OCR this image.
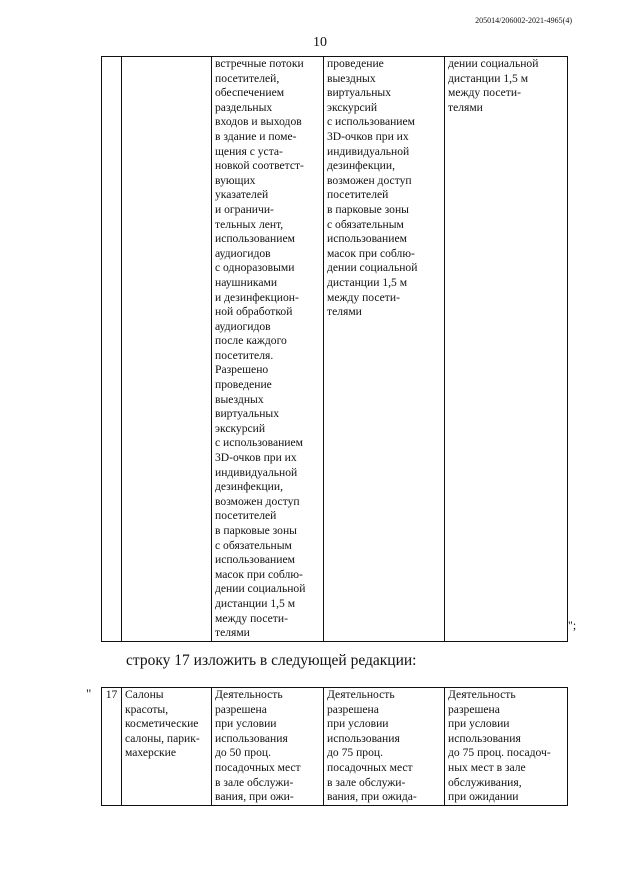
205014/206002-2021-4965(4)
10
		встречные потоки
посетителей,
обеспечением
раздельных
входов и выходов
в здание и поме-
щения с уста-
новкой соответст-
вующих
указателей
и ограничи-
тельных лент,
использованием
аудиогидов
с одноразовыми
наушниками
и дезинфекцион-
ной обработкой
аудиогидов
после каждого
посетителя.
Разрешено
проведение
выездных
виртуальных
экскурсий
с использованием
3D-очков при их
индивидуальной
дезинфекции,
возможен доступ
посетителей
в парковые зоны
с обязательным
использованием
масок при соблю-
дении социальной
дистанции 1,5 м
между посети-
телями	проведение
выездных
виртуальных
экскурсий
с использованием
3D-очков при их
индивидуальной
дезинфекции,
возможен доступ
посетителей
в парковые зоны
с обязательным
использованием
масок при соблю-
дении социальной
дистанции 1,5 м
между посети-
телями	дении социальной
дистанции 1,5 м
между посети-
телями
";
строку 17 изложить в следующей редакции:
" 17	Салоны
красоты,
косметические
салоны, парик-
махерские	Деятельность
разрешена
при условии
использования
до 50 проц.
посадочных мест
в зале обслужи-
вания, при ожи-	Деятельность
разрешена
при условии
использования
до 75 проц.
посадочных мест
в зале обслужи-
вания, при ожида-	Деятельность
разрешена
при условии
использования
до 75 проц. посадоч-
ных мест в зале
обслуживания,
при ожидании
